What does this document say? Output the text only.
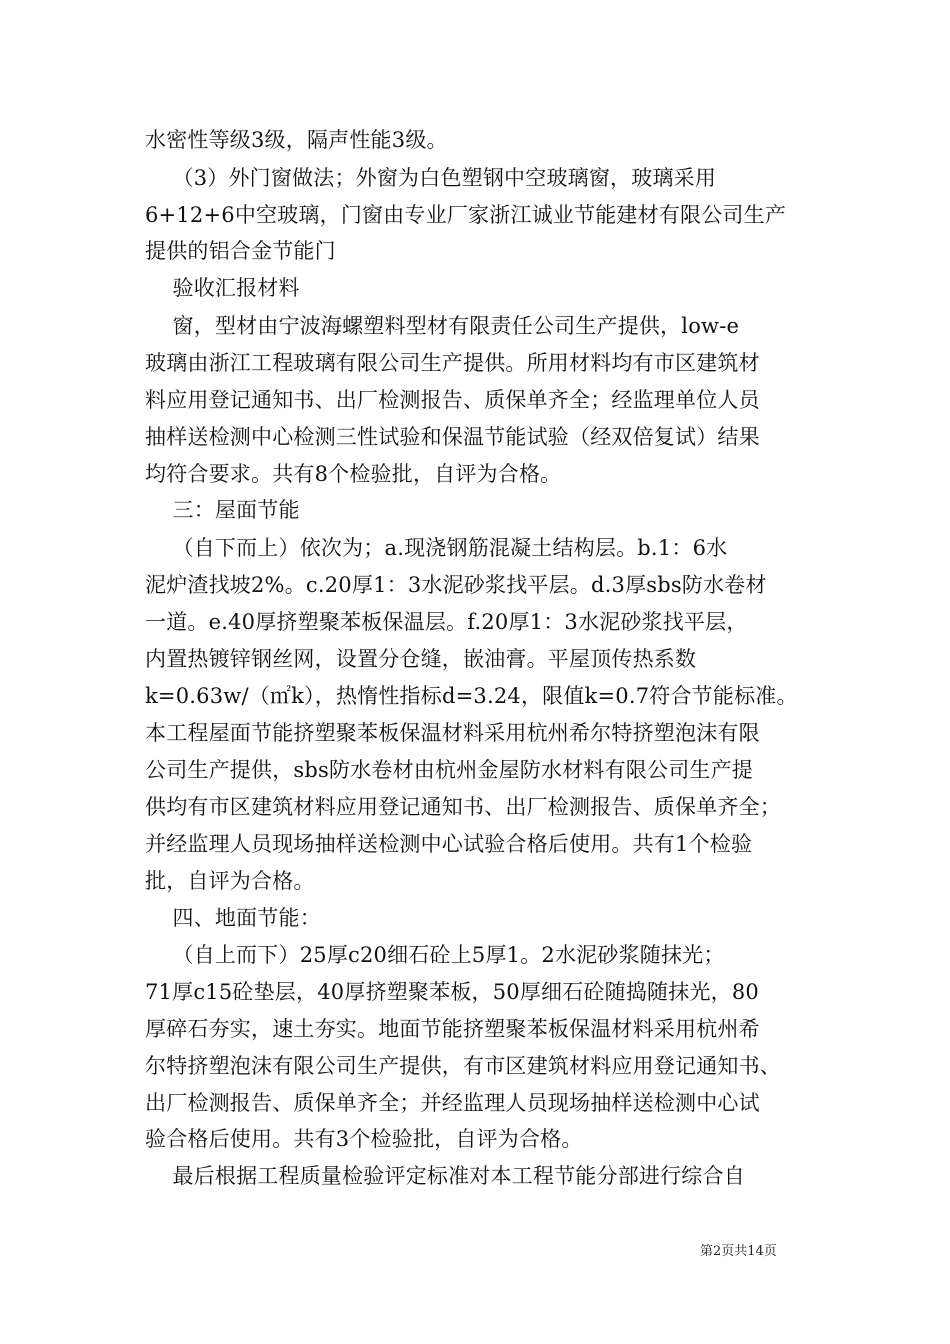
水密性等级3级，隔声性能3级。
（3）外门窗做法；外窗为白色塑钢中空玻璃窗，玻璃采用
6+12+6中空玻璃，门窗由专业厂家浙江诚业节能建材有限公司生产
提供的铝合金节能门
验收汇报材料
窗，型材由宁波海螺塑料型材有限责任公司生产提供，low-e
玻璃由浙江工程玻璃有限公司生产提供。所用材料均有市区建筑材
料应用登记通知书、出厂检测报告、质保单齐全；经监理单位人员
抽样送检测中心检测三性试验和保温节能试验（经双倍复试）结果
均符合要求。共有8个检验批，自评为合格。
三：屋面节能
（自下而上）依次为；a.现浇钢筋混凝土结构层。b.1：6水
泥炉渣找坡2%。c.20厚1：3水泥砂浆找平层。d.3厚sbs防水卷材
一道。e.40厚挤塑聚苯板保温层。f.20厚1：3水泥砂浆找平层，
内置热镀锌钢丝网，设置分仓缝，嵌油膏。平屋顶传热系数
k=0.63w/（㎡k），热惰性指标d=3.24，限值k=0.7符合节能标准。
本工程屋面节能挤塑聚苯板保温材料采用杭州希尔特挤塑泡沫有限
公司生产提供，sbs防水卷材由杭州金屋防水材料有限公司生产提
供均有市区建筑材料应用登记通知书、出厂检测报告、质保单齐全；
并经监理人员现场抽样送检测中心试验合格后使用。共有1个检验
批，自评为合格。
四、地面节能：
（自上而下）25厚c20细石砼上5厚1。2水泥砂浆随抹光；
71厚c15砼垫层，40厚挤塑聚苯板，50厚细石砼随捣随抹光，80
厚碎石夯实，速土夯实。地面节能挤塑聚苯板保温材料采用杭州希
尔特挤塑泡沫有限公司生产提供，有市区建筑材料应用登记通知书、
出厂检测报告、质保单齐全；并经监理人员现场抽样送检测中心试
验合格后使用。共有3个检验批，自评为合格。
最后根据工程质量检验评定标准对本工程节能分部进行综合自
第2页共14页
